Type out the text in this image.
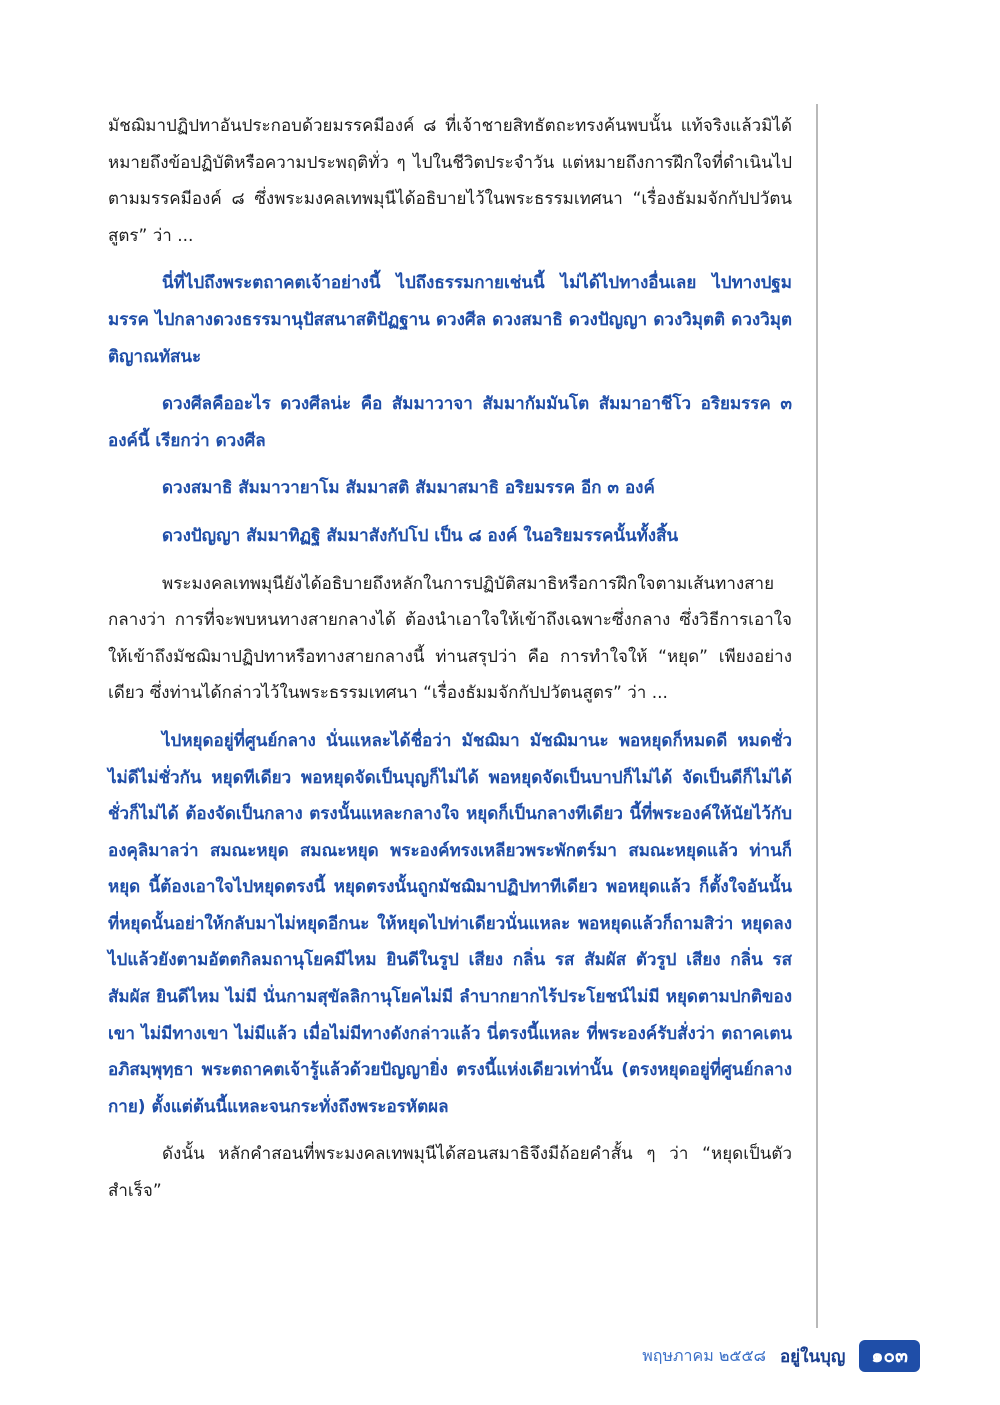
มัชฌิมาปฏิปทาอันประกอบด้วยมรรคมีองค์ ๘ ที่เจ้าชายสิทธัตถะทรงค้นพบนั้น แท้จริงแล้วมิได้หมายถึงข้อปฏิบัติหรือความประพฤติทั่ว ๆ ไปในชีวิตประจำวัน แต่หมายถึงการฝึกใจที่ดำเนินไปตามมรรคมีองค์ ๘ ซึ่งพระมงคลเทพมุนีได้อธิบายไว้ในพระธรรมเทศนา “เรื่องธัมมจักกัปปวัตนสูตร” ว่า ...

นี่ที่ไปถึงพระตถาคตเจ้าอย่างนี้ ไปถึงธรรมกายเช่นนี้ ไม่ได้ไปทางอื่นเลย ไปทางปฐมมรรค ไปกลางดวงธรรมานุปัสสนาสติปัฏฐาน ดวงศีล ดวงสมาธิ ดวงปัญญา ดวงวิมุตติ ดวงวิมุตติญาณทัสนะ

ดวงศีลคืออะไร ดวงศีลน่ะ คือ สัมมาวาจา สัมมากัมมันโต สัมมาอาชีโว อริยมรรค ๓ องค์นี้ เรียกว่า ดวงศีล

ดวงสมาธิ สัมมาวายาโม สัมมาสติ สัมมาสมาธิ อริยมรรค อีก ๓ องค์

ดวงปัญญา สัมมาทิฏฐิ สัมมาสังกัปโป เป็น ๘ องค์ ในอริยมรรคนั้นทั้งสิ้น

พระมงคลเทพมุนียังได้อธิบายถึงหลักในการปฏิบัติสมาธิหรือการฝึกใจตามเส้นทางสายกลางว่า การที่จะพบหนทางสายกลางได้ ต้องนำเอาใจให้เข้าถึงเฉพาะซึ่งกลาง ซึ่งวิธีการเอาใจให้เข้าถึงมัชฌิมาปฏิปทาหรือทางสายกลางนี้ ท่านสรุปว่า คือ การทำใจให้ “หยุด” เพียงอย่างเดียว ซึ่งท่านได้กล่าวไว้ในพระธรรมเทศนา “เรื่องธัมมจักกัปปวัตนสูตร” ว่า ...

ไปหยุดอยู่ที่ศูนย์กลาง นั่นแหละได้ชื่อว่า มัชฌิมา มัชฌิมานะ พอหยุดก็หมดดี หมดชั่ว ไม่ดีไม่ชั่วกัน หยุดทีเดียว พอหยุดจัดเป็นบุญก็ไม่ได้ พอหยุดจัดเป็นบาปก็ไม่ได้ จัดเป็นดีก็ไม่ได้ ชั่วก็ไม่ได้ ต้องจัดเป็นกลาง ตรงนั้นแหละกลางใจ หยุดก็เป็นกลางทีเดียว นี้ที่พระองค์ให้นัยไว้กับองคุลิมาลว่า สมณะหยุด สมณะหยุด พระองค์ทรงเหลียวพระพักตร์มา สมณะหยุดแล้ว ท่านก็หยุด นี้ต้องเอาใจไปหยุดตรงนี้ หยุดตรงนั้นถูกมัชฌิมาปฏิปทาทีเดียว พอหยุดแล้ว ก็ตั้งใจอันนั้น ที่หยุดนั้นอย่าให้กลับมาไม่หยุดอีกนะ ให้หยุดไปท่าเดียวนั่นแหละ พอหยุดแล้วก็ถามสิว่า หยุดลงไปแล้วยังตามอัตตกิลมถานุโยคมีไหม ยินดีในรูป เสียง กลิ่น รส สัมผัส ตัวรูป เสียง กลิ่น รส สัมผัส ยินดีไหม ไม่มี นั่นกามสุขัลลิกานุโยคไม่มี ลำบากยากไร้ประโยชน์ไม่มี หยุดตามปกติของเขา ไม่มีทางเขา ไม่มีแล้ว เมื่อไม่มีทางดังกล่าวแล้ว นี่ตรงนี้แหละ ที่พระองค์รับสั่งว่า ตถาคเตน อภิสมฺพุทฺธา พระตถาคตเจ้ารู้แล้วด้วยปัญญายิ่ง ตรงนี้แห่งเดียวเท่านั้น (ตรงหยุดอยู่ที่ศูนย์กลางกาย) ตั้งแต่ต้นนี้แหละจนกระทั่งถึงพระอรหัตผล

ดังนั้น หลักคำสอนที่พระมงคลเทพมุนีได้สอนสมาธิจึงมีถ้อยคำสั้น ๆ ว่า “หยุดเป็นตัวสำเร็จ”

พฤษภาคม ๒๕๕๘ อยู่ในบุญ	๑๐๓
